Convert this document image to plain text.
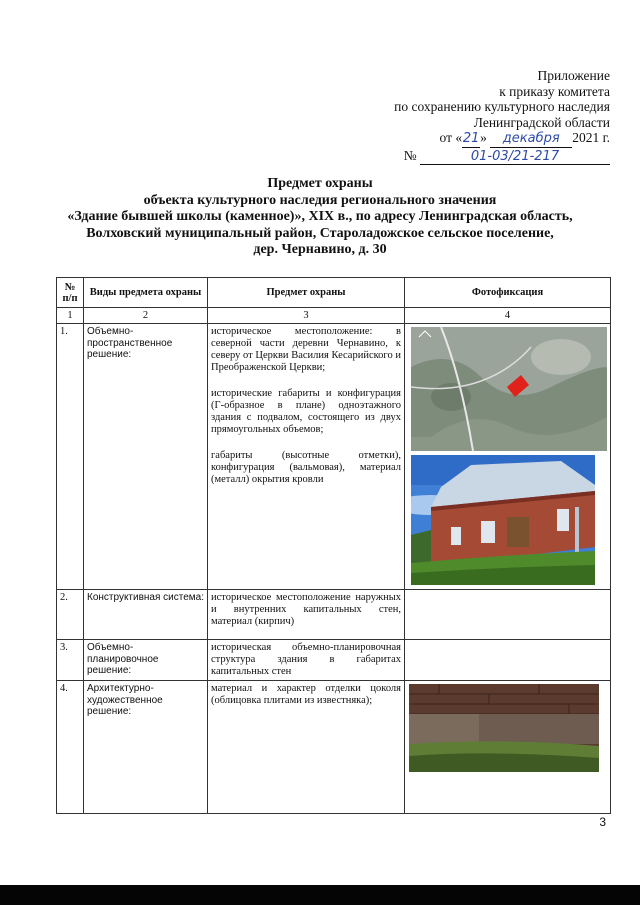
Приложение
к приказу комитета
по сохранению культурного наследия
Ленинградской области
от «21» декабря 2021 г.
№	01-03/21-217
Предмет охраны
объекта культурного наследия регионального значения
«Здание бывшей школы (каменное)», XIX в., по адресу Ленинградская область,
Волховский муниципальный район, Староладожское сельское поселение,
дер. Чернавино, д. 30
№ п/п	Виды предмета охраны	Предмет охраны	Фотофиксация
1	2	3	4
1.	Объемно-пространственное решение:	историческое местоположение: в северной части деревни Чернавино, к северу от Церкви Василия Кесарийского и Преображенской Церкви;

исторические габариты и конфигурация (Г-образное в плане) одноэтажного здания с подвалом, состоящего из двух прямоугольных объемов;

габариты (высотные отметки), конфигурация (вальмовая), материал (металл) окрытия кровли

2.	Конструктивная система:	историческое местоположение наружных и внутренних капитальных стен, материал (кирпич)	

3.	Объемно-планировочное решение:	историческая объемно-планировочная структура здания в габаритах капитальных стен	

4.	Архитектурно-художественное решение:	материал и характер отделки цоколя (облицовка плитами из известняка);

3
